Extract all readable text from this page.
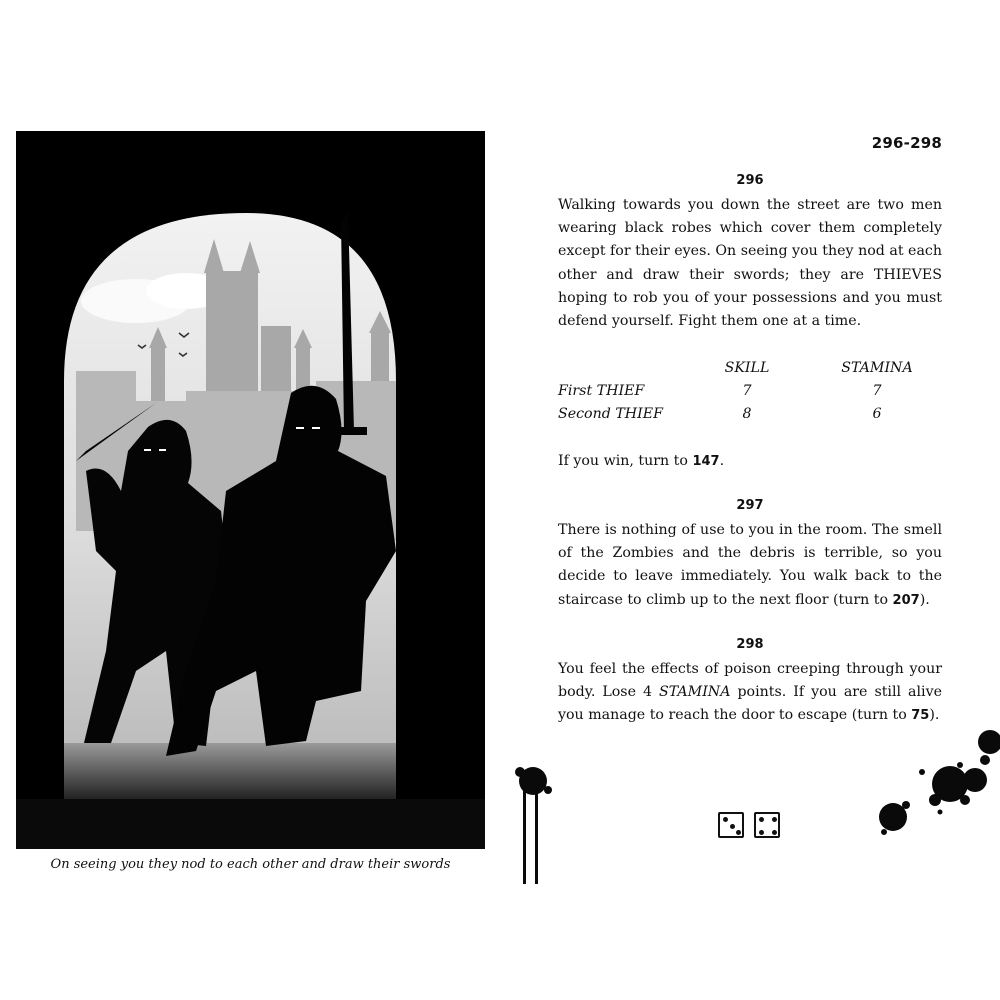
On seeing you they nod to each other and draw their swords
296-298
296

Walking towards you down the street are two men wearing black robes which cover them completely except for their eyes. On seeing you they nod at each other and draw their swords; they are THIEVES hoping to rob you of your possessions and you must defend yourself. Fight them one at a time.

	SKILL	STAMINA
First THIEF	7	7
Second THIEF	8	6

If you win, turn to 147.

297

There is nothing of use to you in the room. The smell of the Zombies and the debris is terrible, so you decide to leave immediately. You walk back to the staircase to climb up to the next floor (turn to 207).

298

You feel the effects of poison creeping through your body. Lose 4 STAMINA points. If you are still alive you manage to reach the door to escape (turn to 75).
